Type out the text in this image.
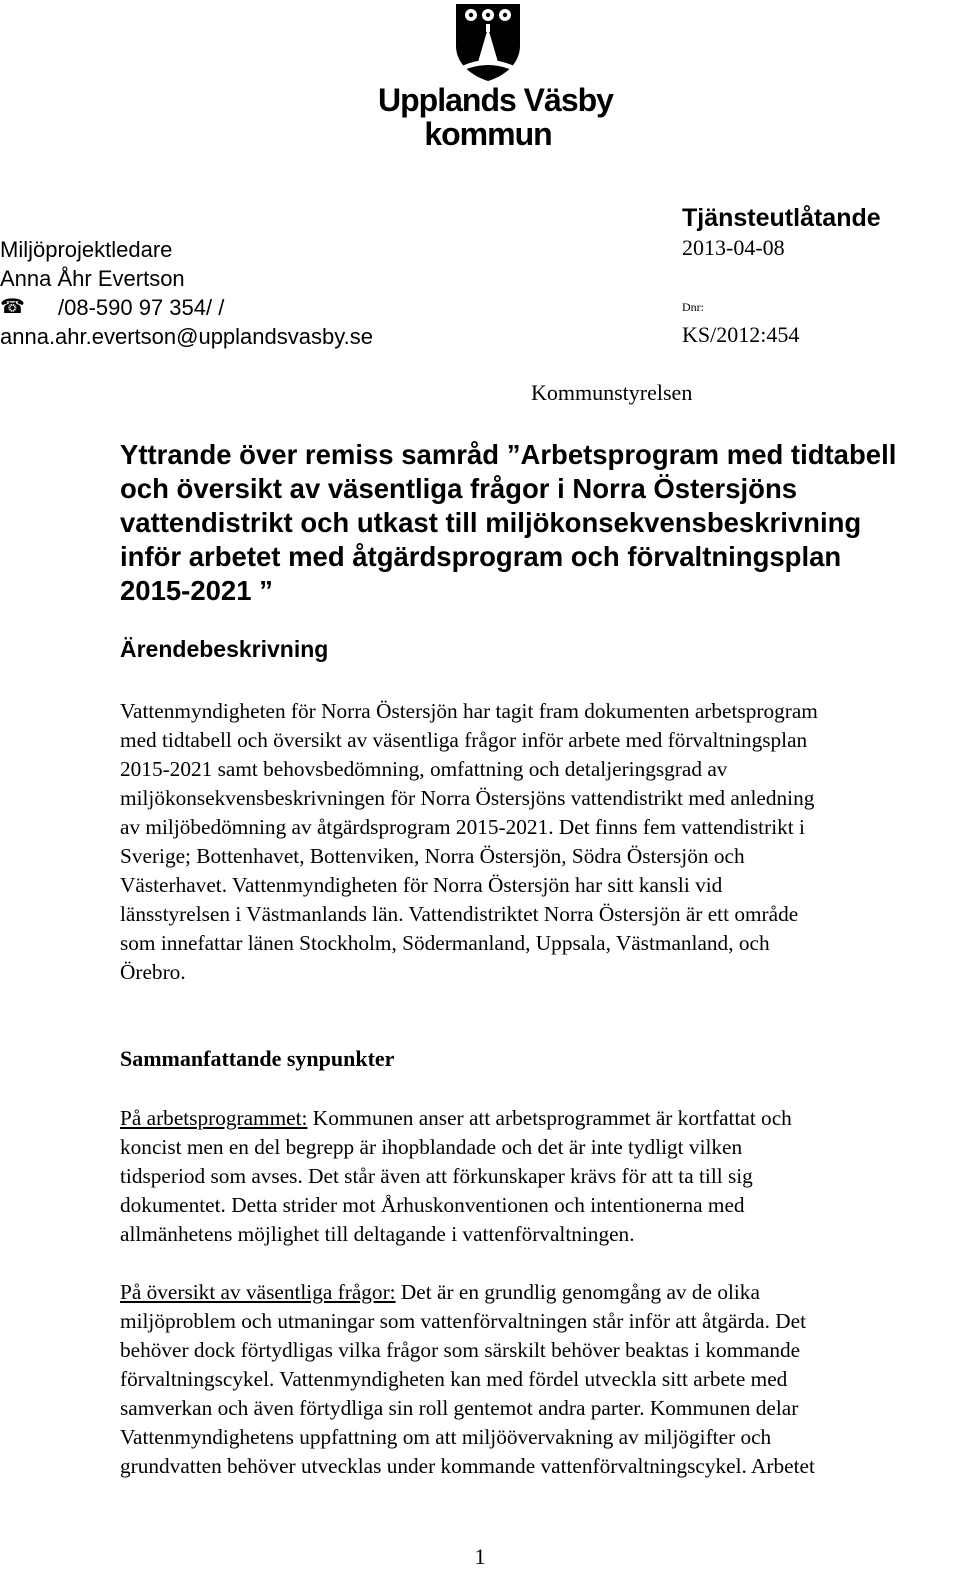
Upplands Väsby
kommun
Tjänsteutlåtande
2013-04-08
Dnr:
KS/2012:454
Kommunstyrelsen
Miljöprojektledare
Anna Åhr Evertson
☎	/08-590 97 354/ /
anna.ahr.evertson@upplandsvasby.se
Yttrande över remiss samråd ”Arbetsprogram med tidtabell
och översikt av väsentliga frågor i Norra Östersjöns
vattendistrikt och utkast till miljökonsekvensbeskrivning
inför arbetet med åtgärdsprogram och förvaltningsplan
2015-2021 ”
Ärendebeskrivning
Vattenmyndigheten för Norra Östersjön har tagit fram dokumenten arbetsprogram
med tidtabell och översikt av väsentliga frågor inför arbete med förvaltningsplan
2015-2021 samt behovsbedömning, omfattning och detaljeringsgrad av
miljökonsekvensbeskrivningen för Norra Östersjöns vattendistrikt med anledning
av miljöbedömning av åtgärdsprogram 2015-2021. Det finns fem vattendistrikt i
Sverige; Bottenhavet, Bottenviken, Norra Östersjön, Södra Östersjön och
Västerhavet. Vattenmyndigheten för Norra Östersjön har sitt kansli vid
länsstyrelsen i Västmanlands län. Vattendistriktet Norra Östersjön är ett område
som innefattar länen Stockholm, Södermanland, Uppsala, Västmanland, och
Örebro.
Sammanfattande synpunkter
På arbetsprogrammet: Kommunen anser att arbetsprogrammet är kortfattat och
koncist men en del begrepp är ihopblandade och det är inte tydligt vilken
tidsperiod som avses. Det står även att förkunskaper krävs för att ta till sig
dokumentet. Detta strider mot Århuskonventionen och intentionerna med
allmänhetens möjlighet till deltagande i vattenförvaltningen.
På översikt av väsentliga frågor: Det är en grundlig genomgång av de olika
miljöproblem och utmaningar som vattenförvaltningen står inför att åtgärda. Det
behöver dock förtydligas vilka frågor som särskilt behöver beaktas i kommande
förvaltningscykel. Vattenmyndigheten kan med fördel utveckla sitt arbete med
samverkan och även förtydliga sin roll gentemot andra parter. Kommunen delar
Vattenmyndighetens uppfattning om att miljöövervakning av miljögifter och
grundvatten behöver utvecklas under kommande vattenförvaltningscykel. Arbetet
1
